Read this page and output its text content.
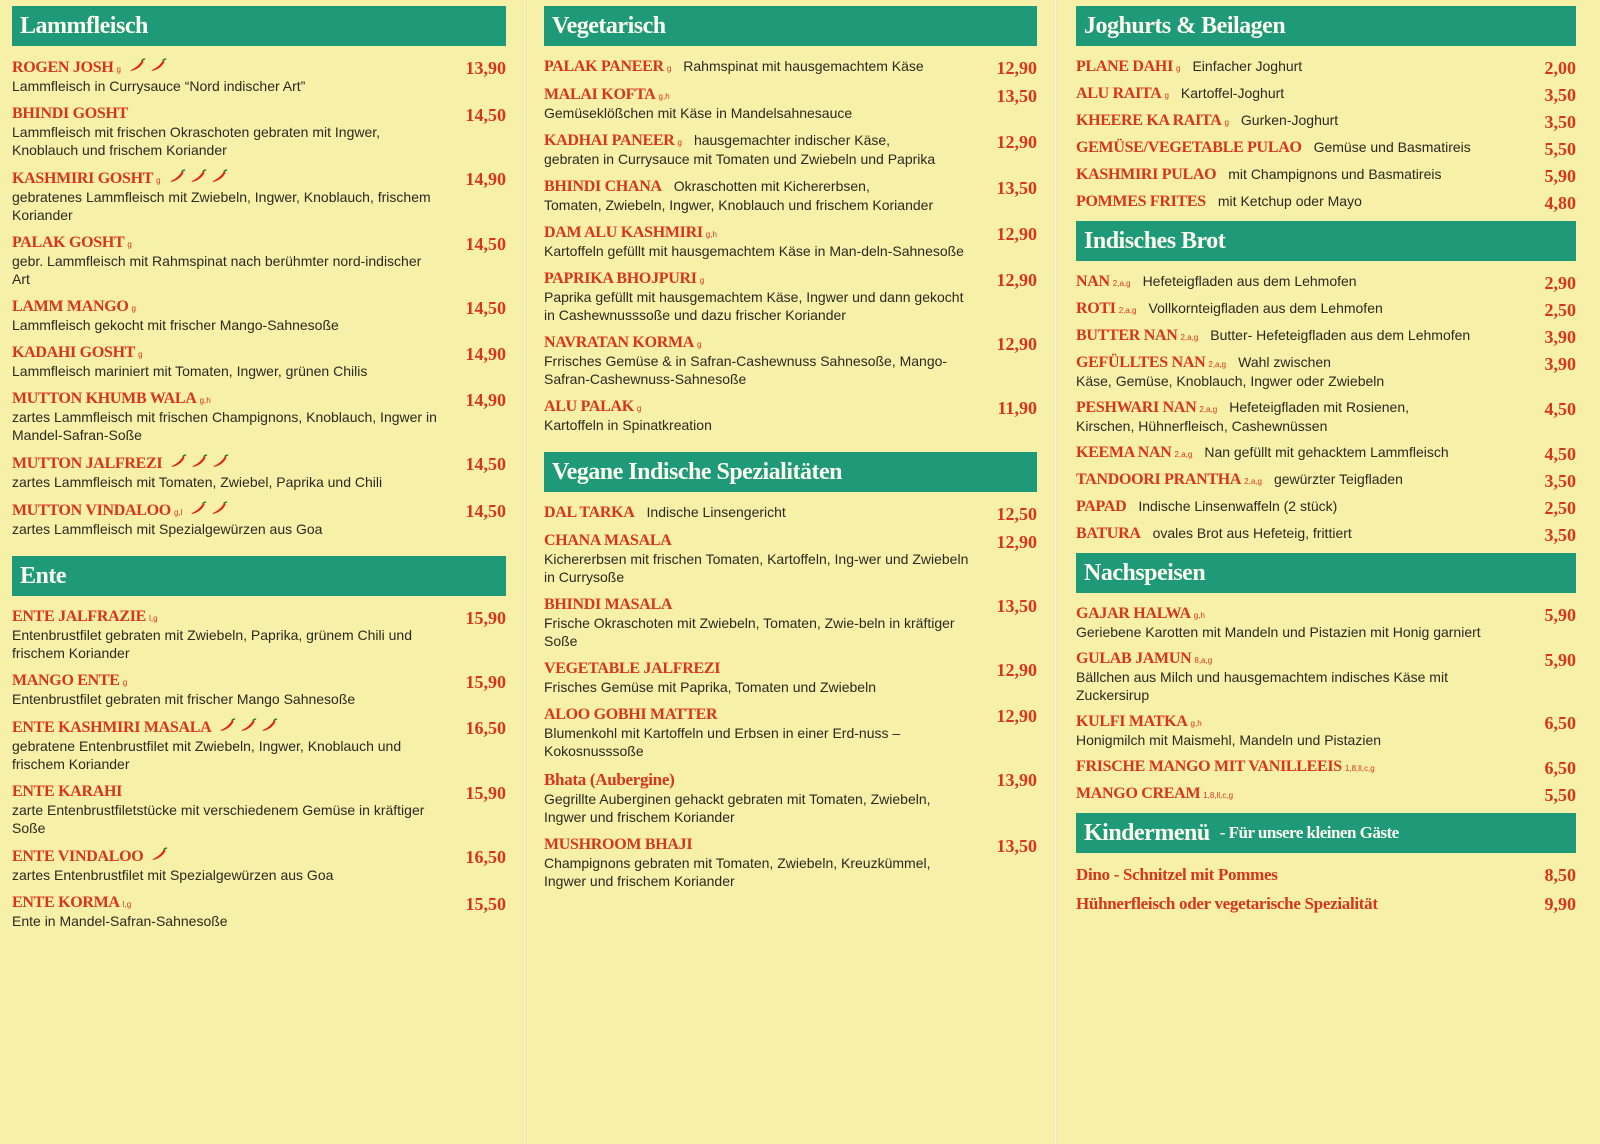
Lammfleisch
ROGEN JOSH g
Lammfleisch in Currysauce “Nord indischer Art”
13,90
BHINDI GOSHT
Lammfleisch mit frischen Okraschoten gebraten mit Ingwer, Knoblauch und frischem Koriander
14,50
KASHMIRI GOSHT g
gebratenes Lammfleisch mit Zwiebeln, Ingwer, Knoblauch, frischem Koriander
14,90
PALAK GOSHT g
gebr. Lammfleisch mit Rahmspinat nach berühmter nord-indischer Art
14,50
LAMM MANGO g
Lammfleisch gekocht mit frischer Mango-Sahnesoße
14,50
KADAHI GOSHT g
Lammfleisch mariniert mit Tomaten, Ingwer, grünen Chilis
14,90
MUTTON KHUMB WALA g,h
zartes Lammfleisch mit frischen Champignons, Knoblauch, Ingwer in Mandel-Safran-Soße
14,90
MUTTON JALFREZI
zartes Lammfleisch mit Tomaten, Zwiebel, Paprika und Chili
14,50
MUTTON VINDALOO g,l
zartes Lammfleisch mit Spezialgewürzen aus Goa
14,50
Ente
ENTE JALFRAZIE l,g
Entenbrustfilet gebraten mit Zwiebeln, Paprika, grünem Chili und frischem Koriander
15,90
MANGO ENTE g
Entenbrustfilet gebraten mit frischer Mango Sahnesoße
15,90
ENTE KASHMIRI MASALA
gebratene Entenbrustfilet mit Zwiebeln, Ingwer, Knoblauch und frischem Koriander
16,50
ENTE KARAHI
zarte Entenbrustfiletstücke mit verschiedenem Gemüse in kräftiger Soße
15,90
ENTE VINDALOO
zartes Entenbrustfilet mit Spezialgewürzen aus Goa
16,50
ENTE KORMA l,g
Ente in Mandel-Safran-Sahnesoße
15,50
Vegetarisch
PALAK PANEER g Rahmspinat mit hausgemachtem Käse	12,90
MALAI KOFTA g,h
Gemüseklößchen mit Käse in Mandelsahnesauce
13,50
KADHAI PANEER g hausgemachter indischer Käse,
gebraten in Currysauce mit Tomaten und Zwiebeln und Paprika
12,90
BHINDI CHANA Okraschotten mit Kichererbsen,
Tomaten, Zwiebeln, Ingwer, Knoblauch und frischem Koriander
13,50
DAM ALU KASHMIRI g,h
Kartoffeln gefüllt mit hausgemachtem Käse in Man-deln-Sahnesoße
12,90
PAPRIKA BHOJPURI g
Paprika gefüllt mit hausgemachtem Käse, Ingwer und dann gekocht in Cashewnusssoße und dazu frischer Koriander
12,90
NAVRATAN KORMA g
Frrisches Gemüse & in Safran-Cashewnuss Sahnesoße, Mango-Safran-Cashewnuss-Sahnesoße
12,90
ALU PALAK g
Kartoffeln in Spinatkreation
11,90
Vegane Indische Spezialitäten
DAL TARKA Indische Linsengericht	12,50
CHANA MASALA
Kichererbsen mit frischen Tomaten, Kartoffeln, Ing-wer und Zwiebeln in Currysoße
12,90
BHINDI MASALA
Frische Okraschoten mit Zwiebeln, Tomaten, Zwie-beln in kräftiger Soße
13,50
VEGETABLE JALFREZI
Frisches Gemüse mit Paprika, Tomaten und Zwiebeln
12,90
ALOO GOBHI MATTER
Blumenkohl mit Kartoffeln und Erbsen in einer Erd-nuss – Kokosnusssoße
12,90
Bhata (Aubergine)
Gegrillte Auberginen gehackt gebraten mit Tomaten, Zwiebeln, Ingwer und frischem Koriander
13,90
MUSHROOM BHAJI
Champignons gebraten mit Tomaten, Zwiebeln, Kreuzkümmel, Ingwer und frischem Koriander
13,50
Joghurts & Beilagen
PLANE DAHI g Einfacher Joghurt	2,00
ALU RAITA g Kartoffel-Joghurt	3,50
KHEERE KA RAITA g Gurken-Joghurt	3,50
GEMÜSE/VEGETABLE PULAO Gemüse und Basmatireis	5,50
KASHMIRI PULAO mit Champignons und Basmatireis	5,90
POMMES FRITES mit Ketchup oder Mayo	4,80
Indisches Brot
NAN 2,a,g Hefeteigfladen aus dem Lehmofen	2,90
ROTI 2,a,g Vollkornteigfladen aus dem Lehmofen	2,50
BUTTER NAN 2,a,g Butter- Hefeteigfladen aus dem Lehmofen	3,90
GEFÜLLTES NAN 2,a,g Wahl zwischen
Käse, Gemüse, Knoblauch, Ingwer oder Zwiebeln
3,90
PESHWARI NAN 2,a,g Hefeteigfladen mit Rosienen,
Kirschen, Hühnerfleisch, Cashewnüssen
4,50
KEEMA NAN 2,a,g Nan gefüllt mit gehacktem Lammfleisch	4,50
TANDOORI PRANTHA 2,a,g gewürzter Teigfladen	3,50
PAPAD Indische Linsenwaffeln (2 stück)	2,50
BATURA ovales Brot aus Hefeteig, frittiert	3,50
Nachspeisen
GAJAR HALWA g,h
Geriebene Karotten mit Mandeln und Pistazien mit Honig garniert
5,90
GULAB JAMUN 8,a,g
Bällchen aus Milch und hausgemachtem indisches Käse mit Zuckersirup
5,90
KULFI MATKA g,h
Honigmilch mit Maismehl, Mandeln und Pistazien
6,50
FRISCHE MANGO MIT VANILLEEIS 1,8,ll,c,g	6,50
MANGO CREAM 1,8,ll,c,g	5,50
Kindermenü - Für unsere kleinen Gäste
Dino - Schnitzel mit Pommes	8,50
Hühnerfleisch oder vegetarische Spezialität	9,90
